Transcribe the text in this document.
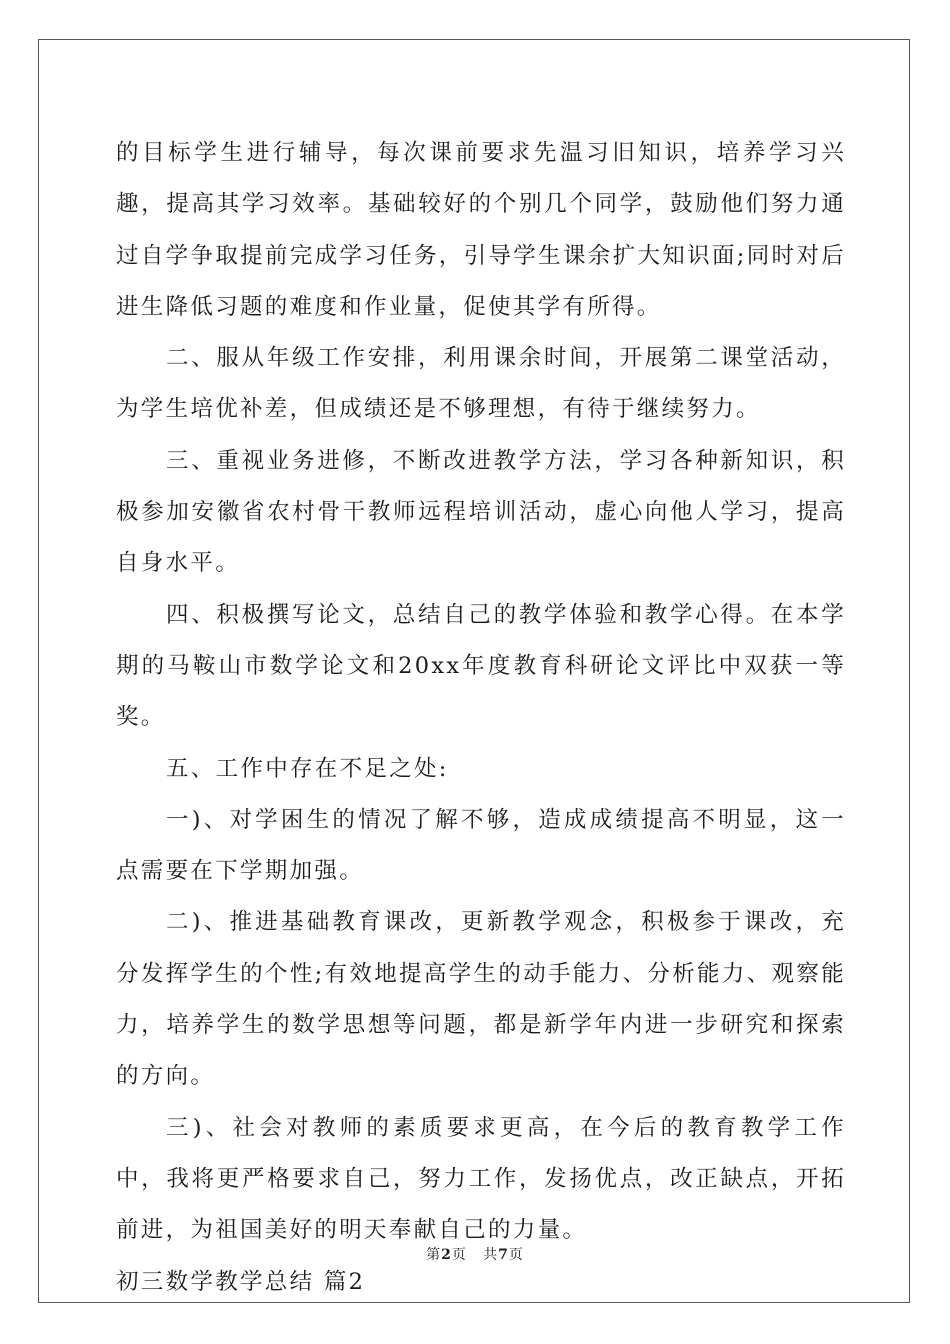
的目标学生进行辅导，每次课前要求先温习旧知识，培养学习兴趣，提高其学习效率。基础较好的个别几个同学，鼓励他们努力通过自学争取提前完成学习任务，引导学生课余扩大知识面;同时对后进生降低习题的难度和作业量，促使其学有所得。

二、服从年级工作安排，利用课余时间，开展第二课堂活动，为学生培优补差，但成绩还是不够理想，有待于继续努力。

三、重视业务进修，不断改进教学方法，学习各种新知识，积极参加安徽省农村骨干教师远程培训活动，虚心向他人学习，提高自身水平。

四、积极撰写论文，总结自己的教学体验和教学心得。在本学期的马鞍山市数学论文和20xx年度教育科研论文评比中双获一等奖。

五、工作中存在不足之处:

一)、对学困生的情况了解不够，造成成绩提高不明显，这一点需要在下学期加强。

二)、推进基础教育课改，更新教学观念，积极参于课改，充分发挥学生的个性;有效地提高学生的动手能力、分析能力、观察能力，培养学生的数学思想等问题，都是新学年内进一步研究和探索的方向。

三)、社会对教师的素质要求更高，在今后的教育教学工作中，我将更严格要求自己，努力工作，发扬优点，改正缺点，开拓前进，为祖国美好的明天奉献自己的力量。

初三数学教学总结 篇2

第2页 共7页
